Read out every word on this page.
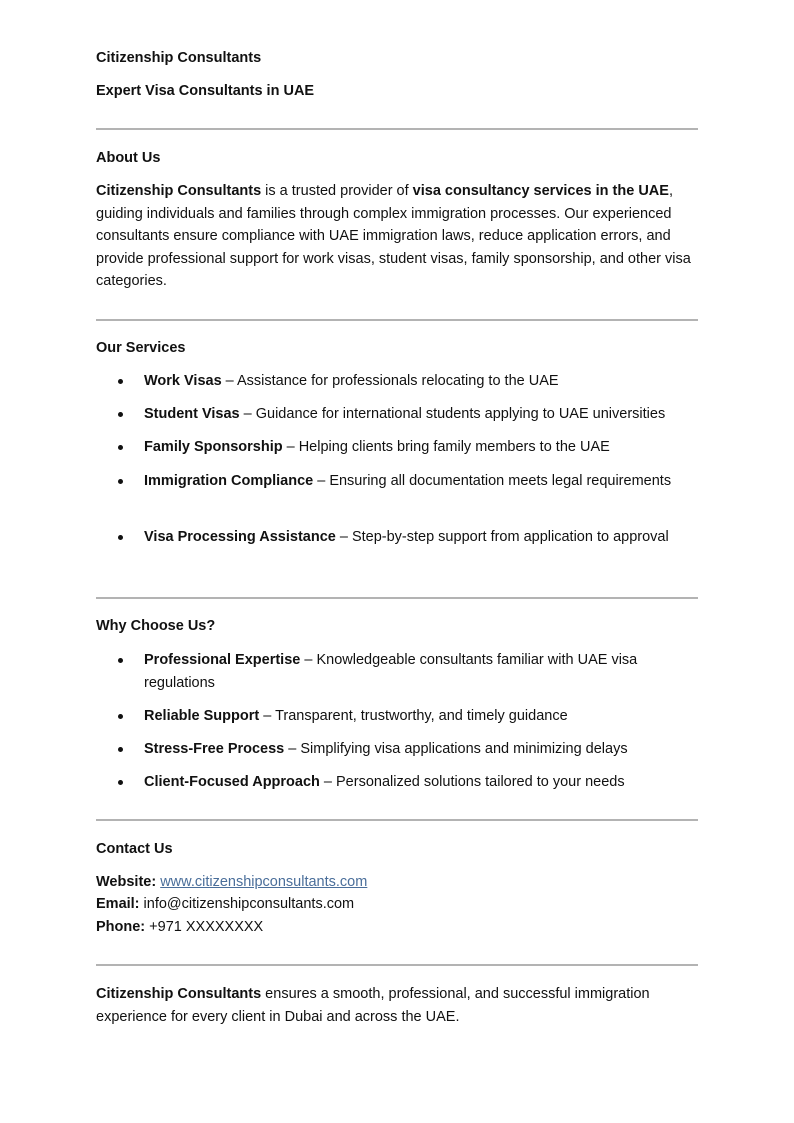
Citizenship Consultants

Expert Visa Consultants in UAE

About Us

Citizenship Consultants is a trusted provider of visa consultancy services in the UAE, guiding individuals and families through complex immigration processes. Our experienced consultants ensure compliance with UAE immigration laws, reduce application errors, and provide professional support for work visas, student visas, family sponsorship, and other visa categories.

Our Services

Work Visas – Assistance for professionals relocating to the UAE
Student Visas – Guidance for international students applying to UAE universities
Family Sponsorship – Helping clients bring family members to the UAE
Immigration Compliance – Ensuring all documentation meets legal requirements
Visa Processing Assistance – Step-by-step support from application to approval

Why Choose Us?

Professional Expertise – Knowledgeable consultants familiar with UAE visa regulations
Reliable Support – Transparent, trustworthy, and timely guidance
Stress-Free Process – Simplifying visa applications and minimizing delays
Client-Focused Approach – Personalized solutions tailored to your needs

Contact Us

Website: www.citizenshipconsultants.com

Email: info@citizenshipconsultants.com

Phone: +971 XXXXXXXX

Citizenship Consultants ensures a smooth, professional, and successful immigration experience for every client in Dubai and across the UAE.
